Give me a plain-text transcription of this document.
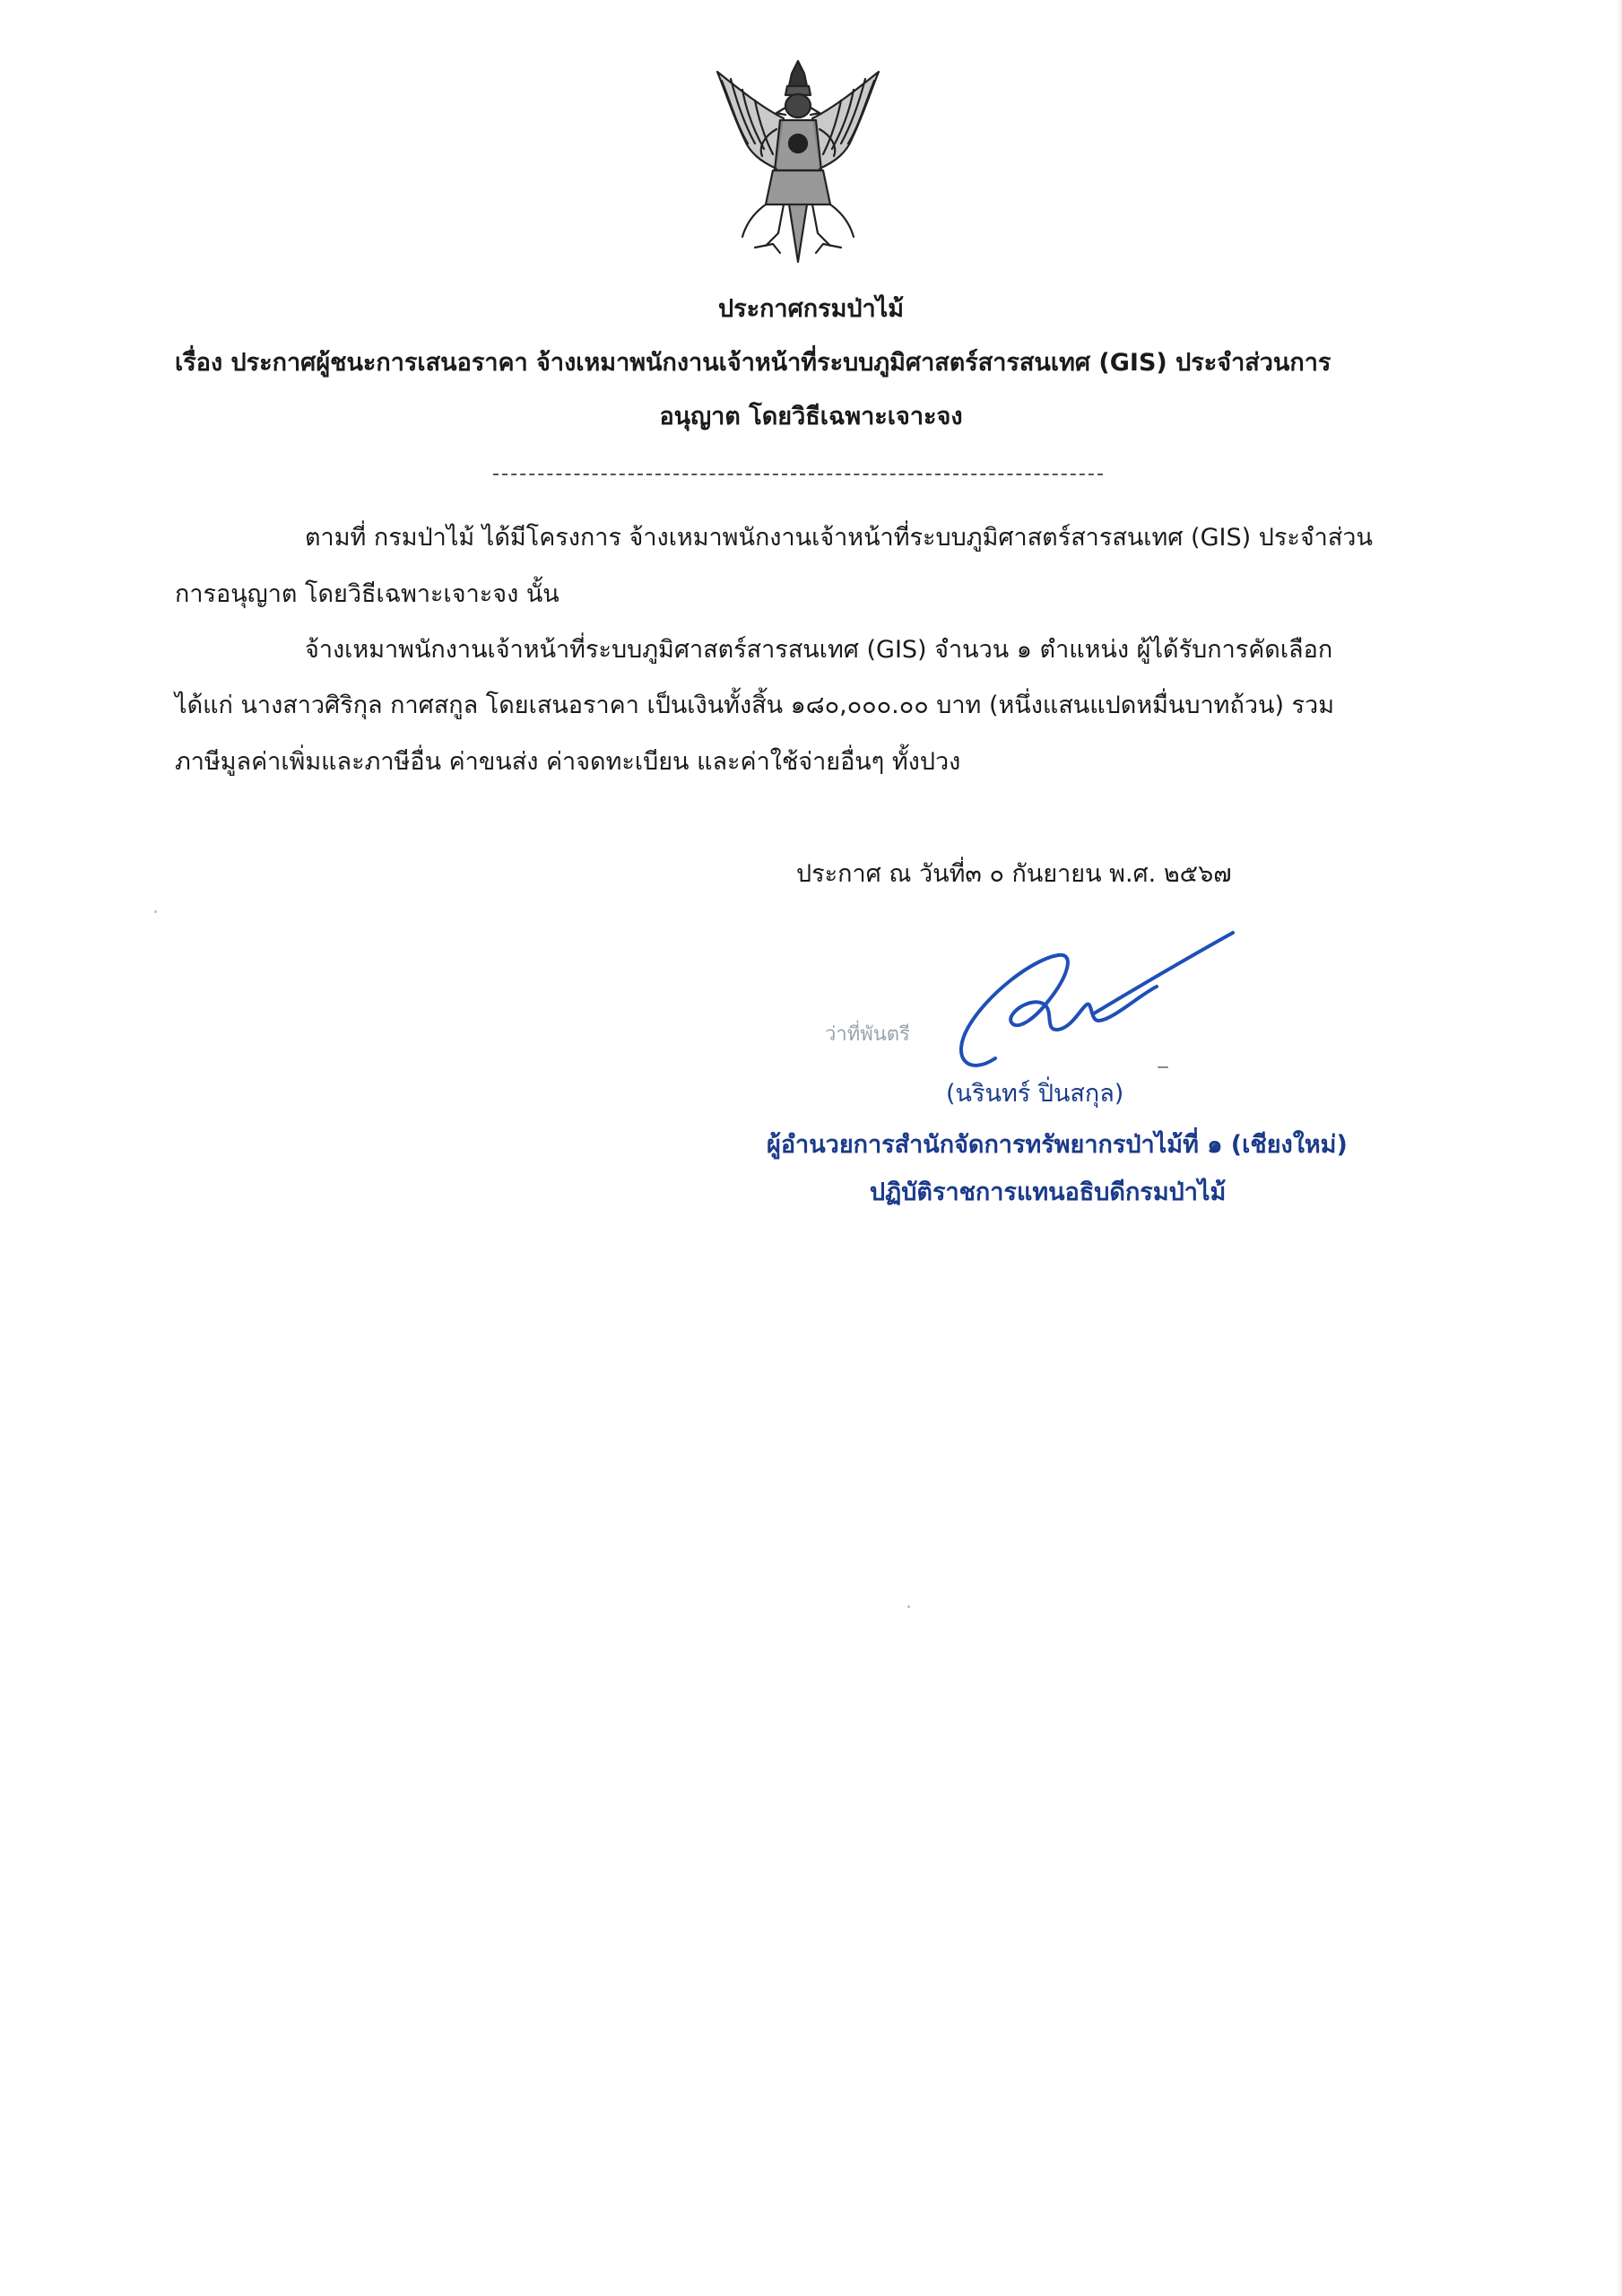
ประกาศกรมป่าไม้
เรื่อง ประกาศผู้ชนะการเสนอราคา จ้างเหมาพนักงานเจ้าหน้าที่ระบบภูมิศาสตร์สารสนเทศ (GIS) ประจำส่วนการ
อนุญาต โดยวิธีเฉพาะเจาะจง
ตามที่ กรมป่าไม้ ได้มีโครงการ จ้างเหมาพนักงานเจ้าหน้าที่ระบบภูมิศาสตร์สารสนเทศ (GIS) ประจำส่วน
การอนุญาต โดยวิธีเฉพาะเจาะจง นั้น
จ้างเหมาพนักงานเจ้าหน้าที่ระบบภูมิศาสตร์สารสนเทศ (GIS) จำนวน ๑ ตำแหน่ง ผู้ได้รับการคัดเลือก
ได้แก่ นางสาวศิริกุล กาศสกูล โดยเสนอราคา เป็นเงินทั้งสิ้น ๑๘๐,๐๐๐.๐๐ บาท (หนึ่งแสนแปดหมื่นบาทถ้วน) รวม
ภาษีมูลค่าเพิ่มและภาษีอื่น ค่าขนส่ง ค่าจดทะเบียน และค่าใช้จ่ายอื่นๆ ทั้งปวง
ประกาศ ณ วันที่๓ ๐ กันยายน พ.ศ. ๒๕๖๗
ว่าที่พันตรี
(นรินทร์ ปิ่นสกุล)
ผู้อำนวยการสำนักจัดการทรัพยากรป่าไม้ที่ ๑ (เชียงใหม่)
ปฏิบัติราชการแทนอธิบดีกรมป่าไม้
